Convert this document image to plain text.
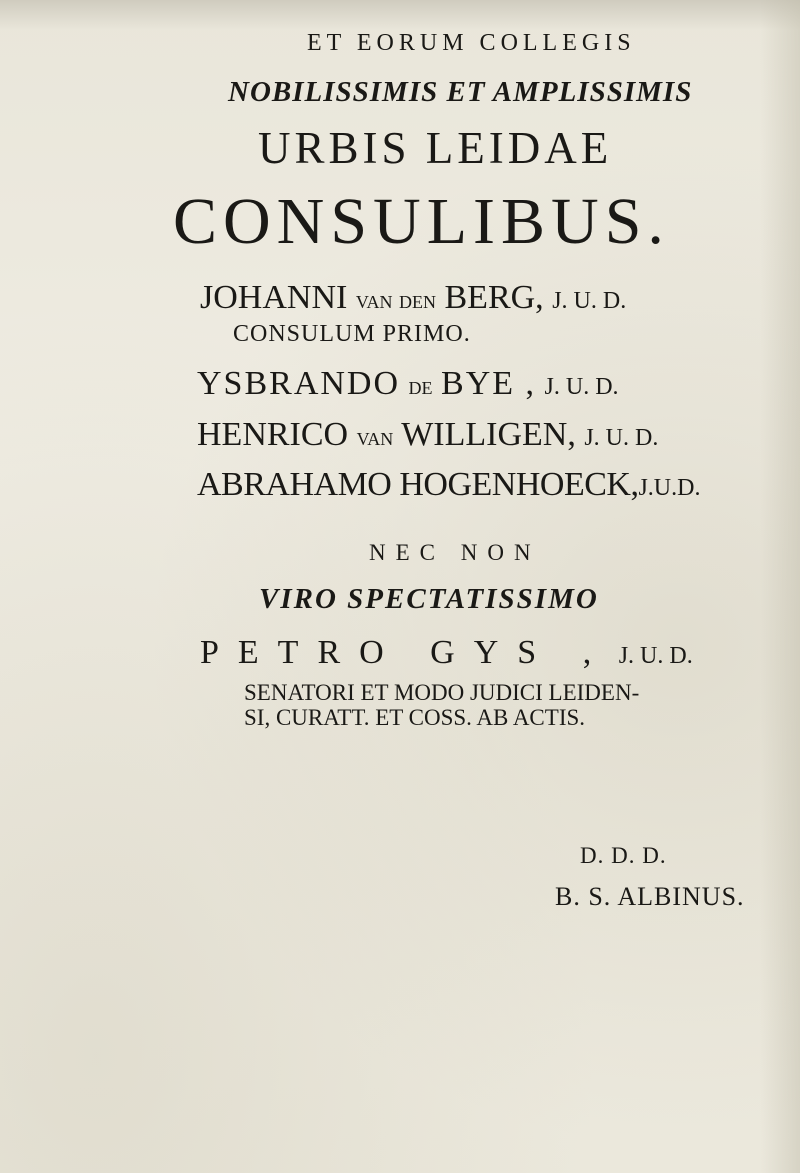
ET EORUM COLLEGIS
NOBILISSIMIS ET AMPLISSIMIS
URBIS LEIDAE
CONSULIBUS.
JOHANNI van den BERG, J. U. D.
CONSULUM PRIMO.
YSBRANDO de BYE , J. U. D.
HENRICO van WILLIGEN, J. U. D.
ABRAHAMO HOGENHOECK,J.U.D.
NEC NON
VIRO SPECTATISSIMO
PETRO GYS , J. U. D.
SENATORI ET MODO JUDICI LEIDEN-
SI, CURATT. ET COSS. AB ACTIS.
D. D. D.
B. S. ALBINUS.
